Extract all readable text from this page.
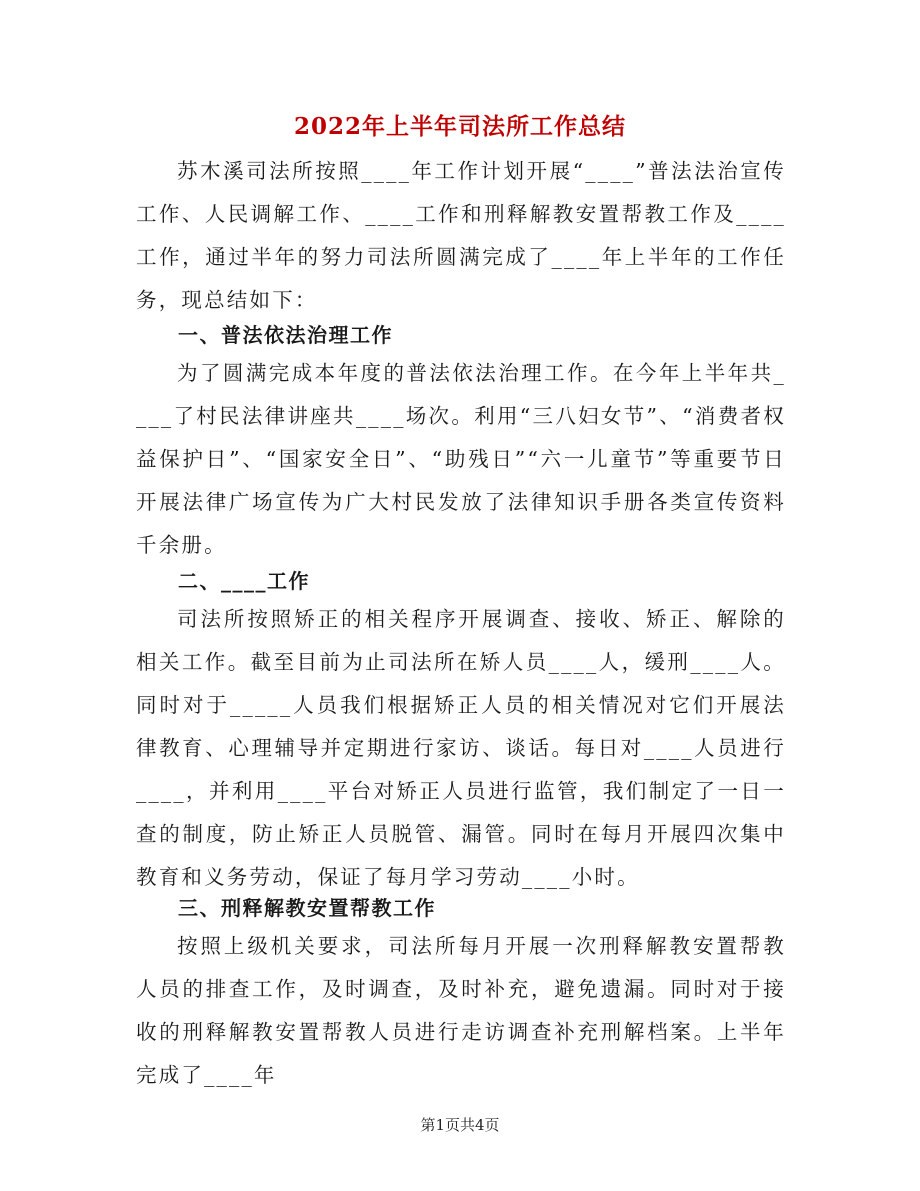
2022年上半年司法所工作总结

苏木溪司法所按照____年工作计划开展“____”普法法治宣传工作、人民调解工作、____工作和刑释解教安置帮教工作及____工作，通过半年的努力司法所圆满完成了____年上半年的工作任务，现总结如下：

一、普法依法治理工作

为了圆满完成本年度的普法依法治理工作。在今年上半年共____了村民法律讲座共____场次。利用“三八妇女节”、“消费者权益保护日”、“国家安全日”、“助残日”“六一儿童节”等重要节日开展法律广场宣传为广大村民发放了法律知识手册各类宣传资料千余册。

二、____工作

司法所按照矫正的相关程序开展调查、接收、矫正、解除的相关工作。截至目前为止司法所在矫人员____人，缓刑____人。同时对于_____人员我们根据矫正人员的相关情况对它们开展法律教育、心理辅导并定期进行家访、谈话。每日对____人员进行____，并利用____平台对矫正人员进行监管，我们制定了一日一查的制度，防止矫正人员脱管、漏管。同时在每月开展四次集中教育和义务劳动，保证了每月学习劳动____小时。

三、刑释解教安置帮教工作

按照上级机关要求，司法所每月开展一次刑释解教安置帮教人员的排查工作，及时调查，及时补充，避免遗漏。同时对于接收的刑释解教安置帮教人员进行走访调查补充刑解档案。上半年完成了____年

第1页共4页
